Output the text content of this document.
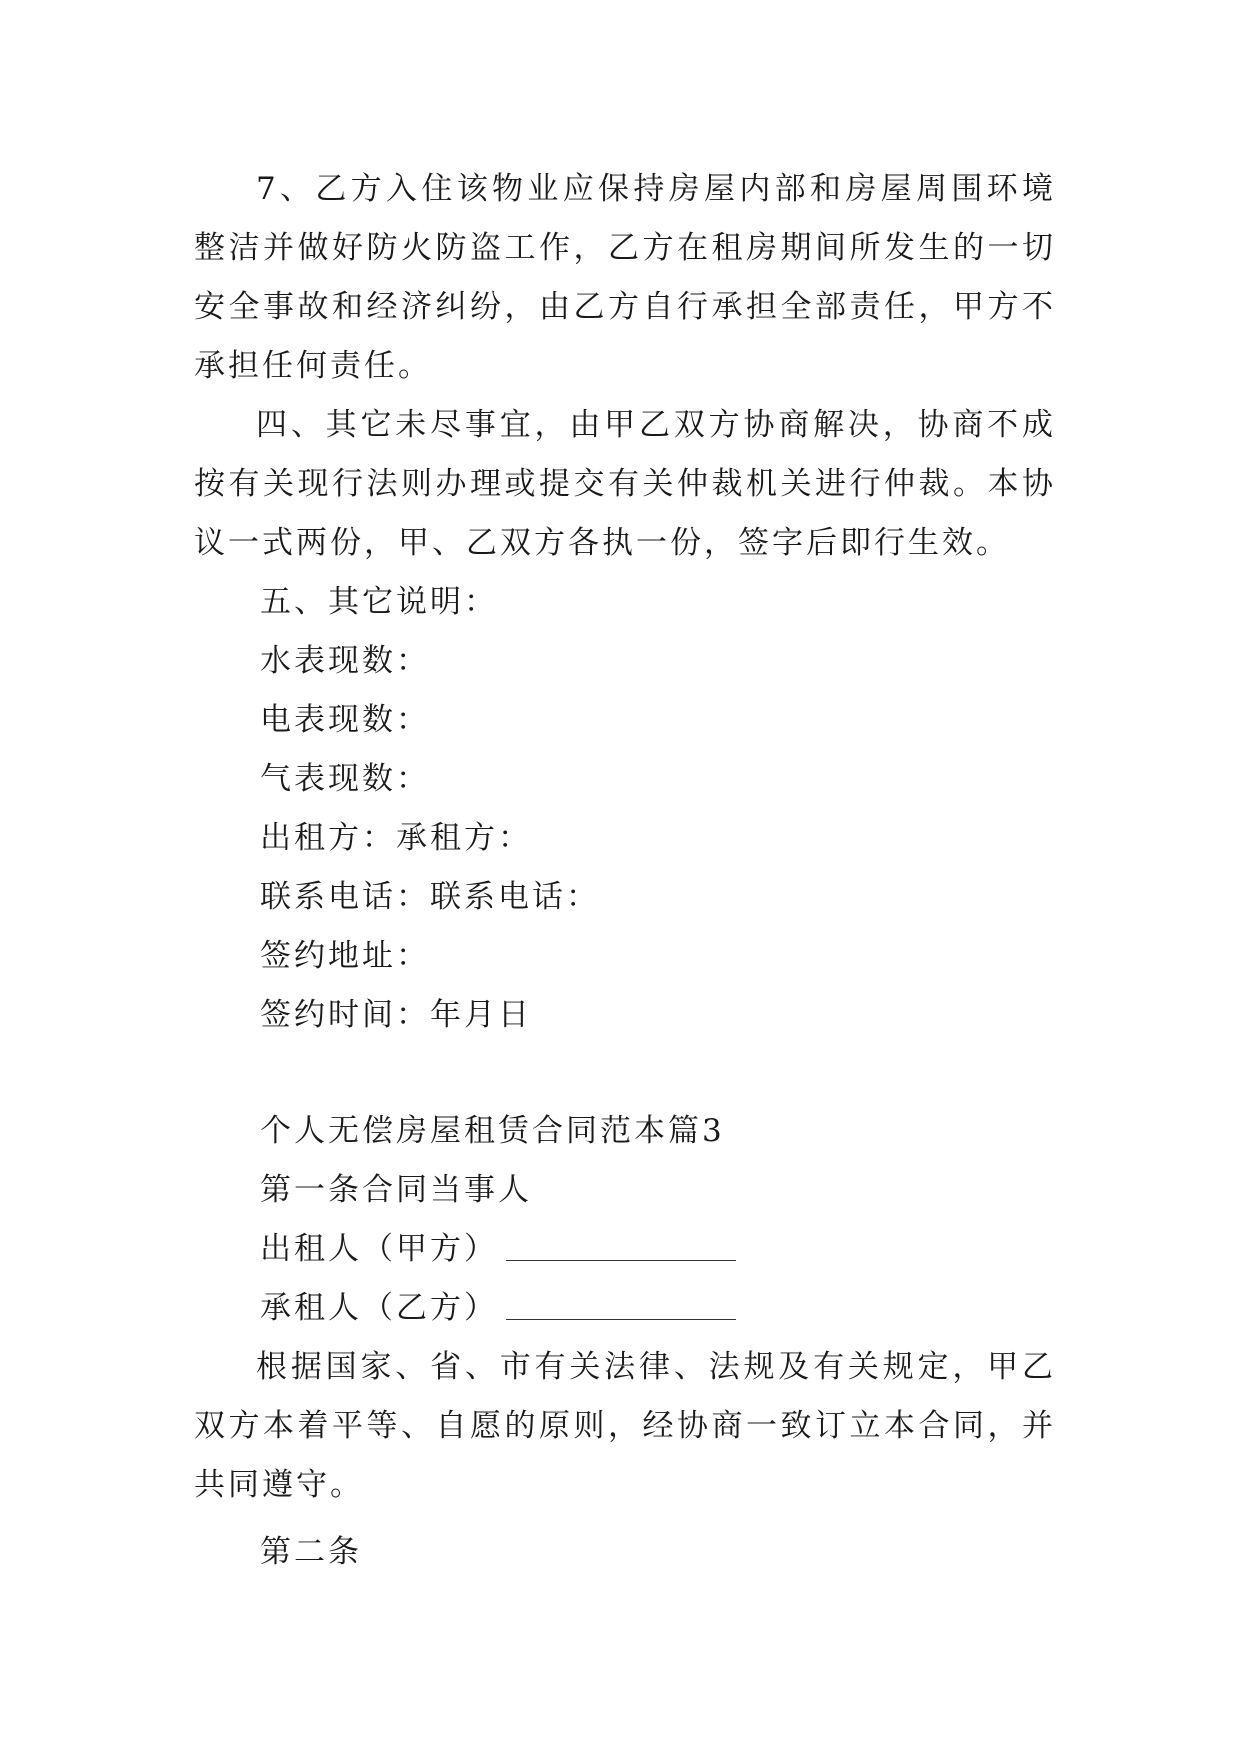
7、乙方入住该物业应保持房屋内部和房屋周围环境整洁并做好防火防盗工作，乙方在租房期间所发生的一切安全事故和经济纠纷，由乙方自行承担全部责任，甲方不承担任何责任。

四、其它未尽事宜，由甲乙双方协商解决，协商不成按有关现行法则办理或提交有关仲裁机关进行仲裁。本协议一式两份，甲、乙双方各执一份，签字后即行生效。

五、其它说明：

水表现数：

电表现数：

气表现数：

出租方：承租方：

联系电话：联系电话：

签约地址：

签约时间：年月日

个人无偿房屋租赁合同范本篇3

第一条合同当事人

出租人（甲方）

承租人（乙方）

根据国家、省、市有关法律、法规及有关规定，甲乙双方本着平等、自愿的原则，经协商一致订立本合同，并共同遵守。

第二条
